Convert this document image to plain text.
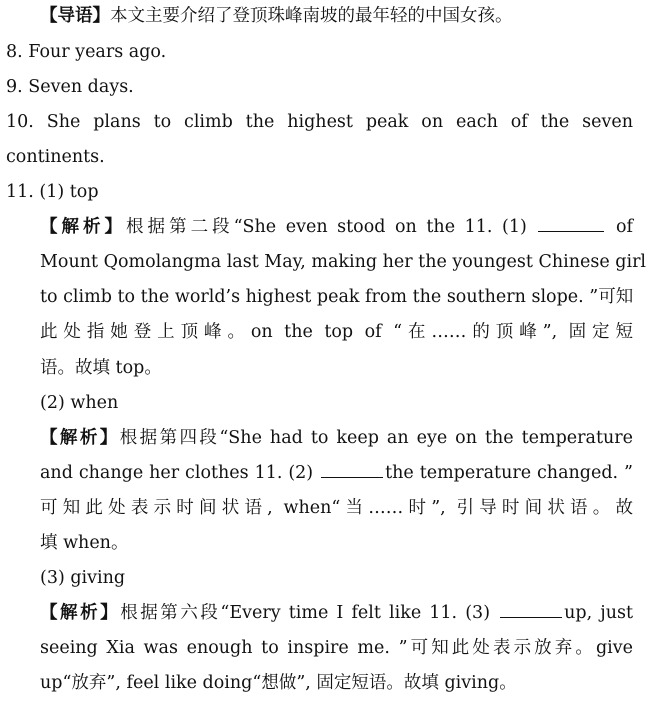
【导语】本文主要介绍了登顶珠峰南坡的最年轻的中国女孩。
8. Four years ago.
9. Seven days.
10. She plans to climb the highest peak on each of the seven
continents.
11. (1) top
【解析】根据第二段“She even stood on the 11. (1)	of
Mount Qomolangma last May, making her the youngest Chinese girl
to climb to the world’s highest peak from the southern slope. ”可知
此处指她登上顶峰。on the top of “在……的顶峰”, 固定短
语。故填 top。
(2) when
【解析】根据第四段“She had to keep an eye on the temperature
and change her clothes 11. (2)	the temperature changed. ”
可知此处表示时间状语, when“当……时”, 引导时间状语。故
填 when。
(3) giving
【解析】根据第六段“Every time I felt like 11. (3)	up, just
seeing Xia was enough to inspire me. ”可知此处表示放弃。give
up“放弃”, feel like doing“想做”, 固定短语。故填 giving。
